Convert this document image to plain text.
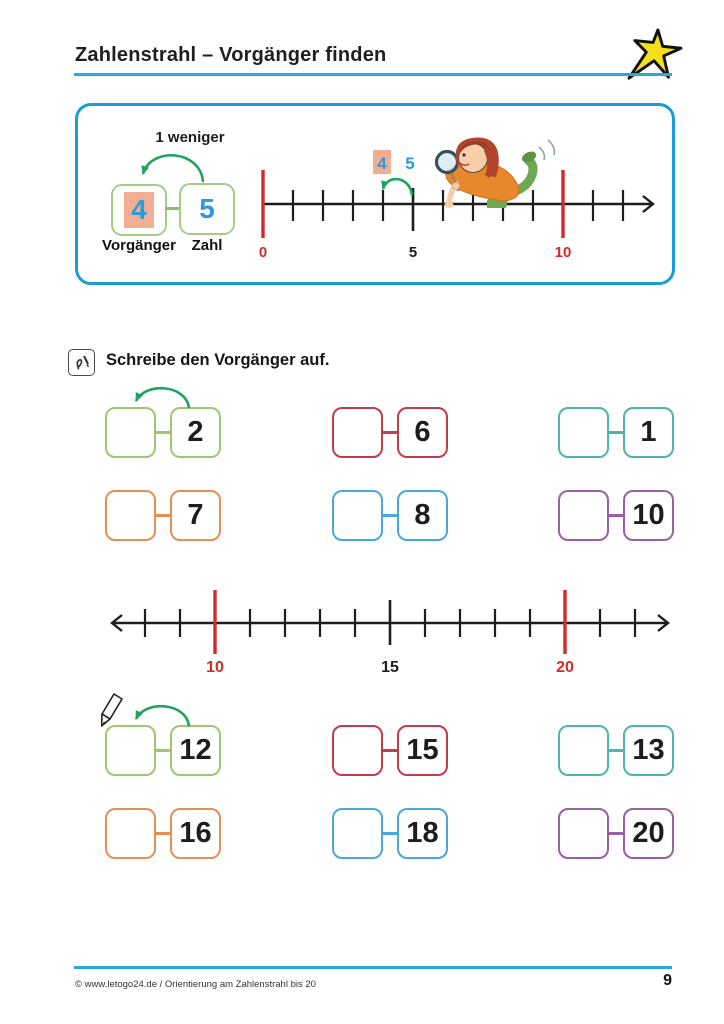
Zahlenstrahl – Vorgänger finden
1 weniger
4 5
Vorgänger	Zahl	0	5	10
4 5
Schreibe den Vorgänger auf.
2	6	1
7	8	10
10	15	20
12	15	13
16	18	20
© www.letogo24.de / Orientierung am Zahlenstrahl bis 20	9
